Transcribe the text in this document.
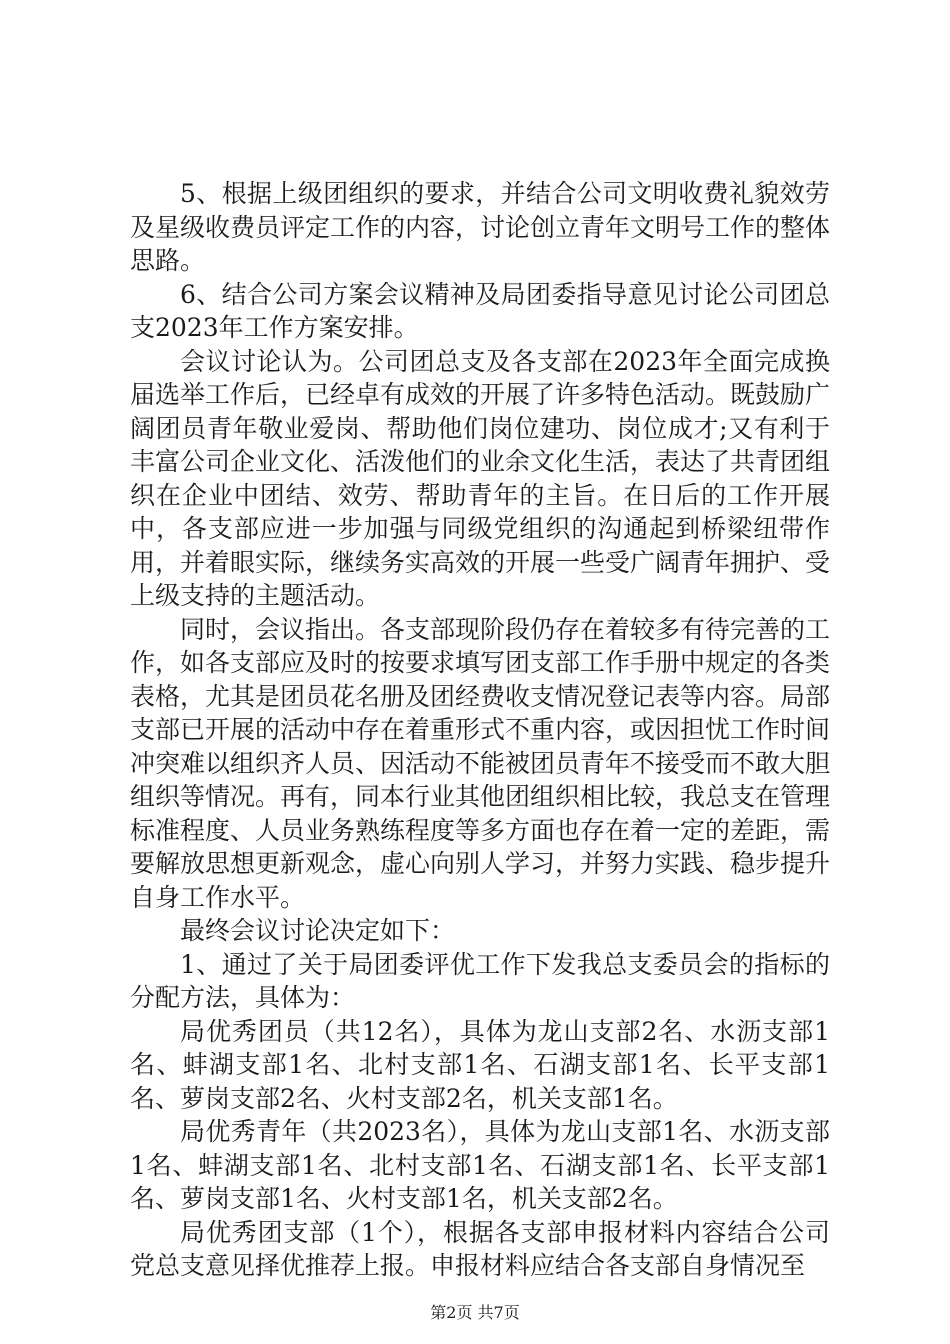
5、根据上级团组织的要求，并结合公司文明收费礼貌效劳及星级收费员评定工作的内容，讨论创立青年文明号工作的整体思路。

6、结合公司方案会议精神及局团委指导意见讨论公司团总支2023年工作方案安排。

会议讨论认为。公司团总支及各支部在2023年全面完成换届选举工作后，已经卓有成效的开展了许多特色活动。既鼓励广阔团员青年敬业爱岗、帮助他们岗位建功、岗位成才;又有利于丰富公司企业文化、活泼他们的业余文化生活，表达了共青团组织在企业中团结、效劳、帮助青年的主旨。在日后的工作开展中，各支部应进一步加强与同级党组织的沟通起到桥梁纽带作用，并着眼实际，继续务实高效的开展一些受广阔青年拥护、受上级支持的主题活动。

同时，会议指出。各支部现阶段仍存在着较多有待完善的工作，如各支部应及时的按要求填写团支部工作手册中规定的各类表格，尤其是团员花名册及团经费收支情况登记表等内容。局部支部已开展的活动中存在着重形式不重内容，或因担忧工作时间冲突难以组织齐人员、因活动不能被团员青年不接受而不敢大胆组织等情况。再有，同本行业其他团组织相比较，我总支在管理标准程度、人员业务熟练程度等多方面也存在着一定的差距，需要解放思想更新观念，虚心向别人学习，并努力实践、稳步提升自身工作水平。

最终会议讨论决定如下：

1、通过了关于局团委评优工作下发我总支委员会的指标的分配方法，具体为：

局优秀团员（共12名），具体为龙山支部2名、水沥支部1名、蚌湖支部1名、北村支部1名、石湖支部1名、长平支部1名、萝岗支部2名、火村支部2名，机关支部1名。

局优秀青年（共2023名），具体为龙山支部1名、水沥支部1名、蚌湖支部1名、北村支部1名、石湖支部1名、长平支部1名、萝岗支部1名、火村支部1名，机关支部2名。

局优秀团支部（1个），根据各支部申报材料内容结合公司党总支意见择优推荐上报。申报材料应结合各支部自身情况至

第2页 共7页
